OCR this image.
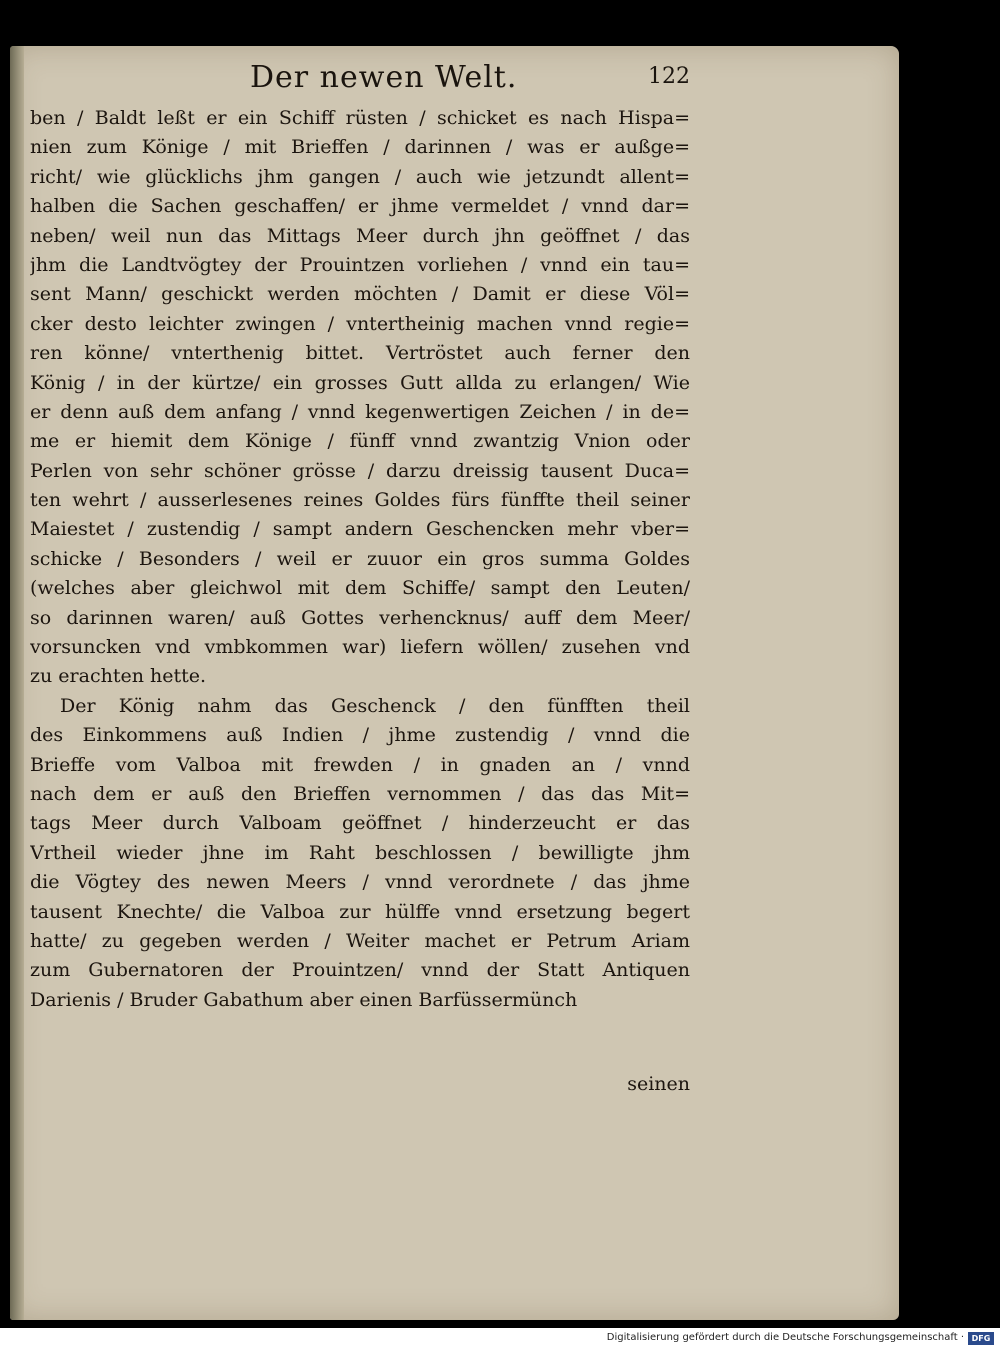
Der newen Welt.	122
ben / Baldt leßt er ein Schiff rüsten / schicket es nach Hispa=
nien zum Könige / mit Brieffen / darinnen / was er außge=
richt/ wie glücklichs jhm gangen / auch wie jetzundt allent=
halben die Sachen geschaffen/ er jhme vermeldet / vnnd dar=
neben/ weil nun das Mittags Meer durch jhn geöffnet / das
jhm die Landtvögtey der Prouintzen vorliehen / vnnd ein tau=
sent Mann/ geschickt werden möchten / Damit er diese Völ=
cker desto leichter zwingen / vntertheinig machen vnnd regie=
ren könne/ vnterthenig bittet. Vertröstet auch ferner den
König / in der kürtze/ ein grosses Gutt allda zu erlangen/ Wie
er denn auß dem anfang / vnnd kegenwertigen Zeichen / in de=
me er hiemit dem Könige / fünff vnnd zwantzig Vnion oder
Perlen von sehr schöner grösse / darzu dreissig tausent Duca=
ten wehrt / ausserlesenes reines Goldes fürs fünffte theil seiner
Maiestet / zustendig / sampt andern Geschencken mehr vber=
schicke / Besonders / weil er zuuor ein gros summa Goldes
(welches aber gleichwol mit dem Schiffe/ sampt den Leuten/
so darinnen waren/ auß Gottes verhencknus/ auff dem Meer/
vorsuncken vnd vmbkommen war) liefern wöllen/ zusehen vnd
zu erachten hette.
Der König nahm das Geschenck / den fünfften theil
des Einkommens auß Indien / jhme zustendig / vnnd die
Brieffe vom Valboa mit frewden / in gnaden an / vnnd
nach dem er auß den Brieffen vernommen / das das Mit=
tags Meer durch Valboam geöffnet / hinderzeucht er das
Vrtheil wieder jhne im Raht beschlossen / bewilligte jhm
die Vögtey des newen Meers / vnnd verordnete / das jhme
tausent Knechte/ die Valboa zur hülffe vnnd ersetzung begert
hatte/ zu gegeben werden / Weiter machet er Petrum Ariam
zum Gubernatoren der Prouintzen/ vnnd der Statt Antiquen
Darienis / Bruder Gabathum aber einen Barfüssermünch
seinen
Digitalisierung gefördert durch die Deutsche Forschungsgemeinschaft · DFG
